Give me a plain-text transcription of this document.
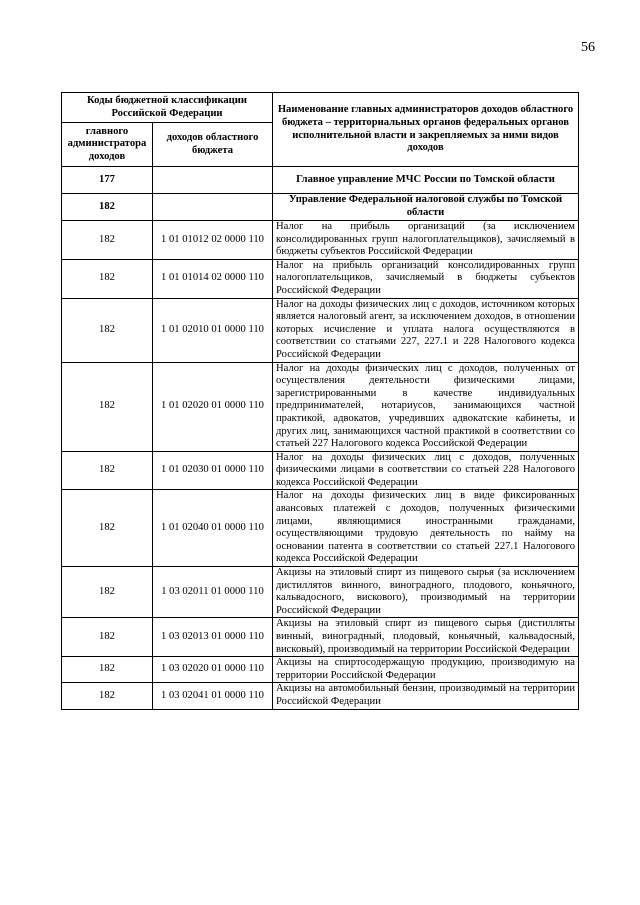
56
Коды бюджетной классификации Российской Федерации		Наименование главных администраторов доходов областного бюджета – территориальных органов федеральных органов исполнительной власти и закрепляемых за ними видов доходов
главного администратора доходов	доходов областного бюджета	
177		Главное управление МЧС России по Томской области
182		Управление Федеральной налоговой службы по Томской области
182	1 01 01012 02 0000 110	Налог на прибыль организаций (за исключением консолидированных групп налогоплательщиков), зачисляемый в бюджеты субъектов Российской Федерации
182	1 01 01014 02 0000 110	Налог на прибыль организаций консолидированных групп налогоплательщиков, зачисляемый в бюджеты субъектов Российской Федерации
182	1 01 02010 01 0000 110	Налог на доходы физических лиц с доходов, источником которых является налоговый агент, за исключением доходов, в отношении которых исчисление и уплата налога осуществляются в соответствии со статьями 227, 227.1 и 228 Налогового кодекса Российской Федерации
182	1 01 02020 01 0000 110	Налог на доходы физических лиц с доходов, полученных от осуществления деятельности физическими лицами, зарегистрированными в качестве индивидуальных предпринимателей, нотариусов, занимающихся частной практикой, адвокатов, учредивших адвокатские кабинеты, и других лиц, занимающихся частной практикой в соответствии со статьей 227 Налогового кодекса Российской Федерации
182	1 01 02030 01 0000 110	Налог на доходы физических лиц с доходов, полученных физическими лицами в соответствии со статьей 228 Налогового кодекса Российской Федерации
182	1 01 02040 01 0000 110	Налог на доходы физических лиц в виде фиксированных авансовых платежей с доходов, полученных физическими лицами, являющимися иностранными гражданами, осуществляющими трудовую деятельность по найму на основании патента в соответствии со статьей 227.1 Налогового кодекса Российской Федерации
182	1 03 02011 01 0000 110	Акцизы на этиловый спирт из пищевого сырья (за исключением дистиллятов винного, виноградного, плодового, коньячного, кальвадосного, вискового), производимый на территории Российской Федерации
182	1 03 02013 01 0000 110	Акцизы на этиловый спирт из пищевого сырья (дистилляты винный, виноградный, плодовый, коньячный, кальвадосный, висковый), производимый на территории Российской Федерации
182	1 03 02020 01 0000 110	Акцизы на спиртосодержащую продукцию, производимую на территории Российской Федерации
182	1 03 02041 01 0000 110	Акцизы на автомобильный бензин, производимый на территории Российской Федерации
